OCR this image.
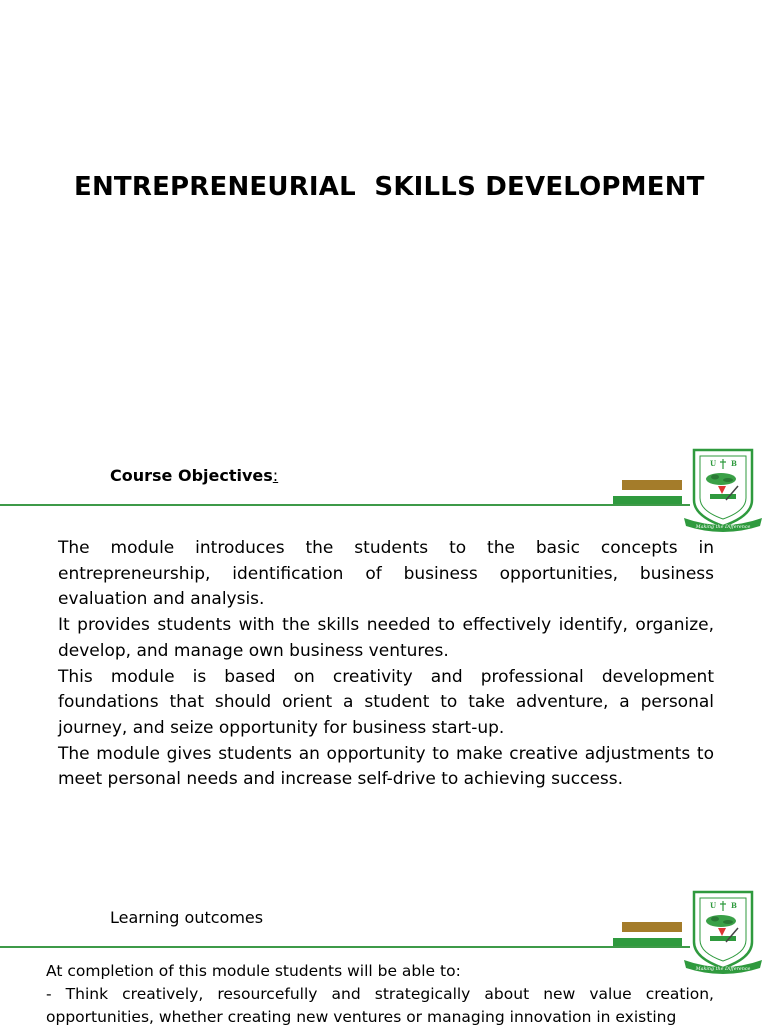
ENTREPRENEURIAL  SKILLS DEVELOPMENT
Course Objectives:
U B
Making the Difference

The module introduces the students to the basic concepts in entrepreneurship, identification of business opportunities, business evaluation and analysis.

It provides students with the skills needed to effectively identify, organize, develop, and manage own business ventures.

This module is based on creativity and professional development foundations that should orient a student to take adventure, a personal journey, and seize opportunity for business start-up.

The module gives students an opportunity to make creative adjustments to meet personal needs and increase self-drive to achieving success.

Learning outcomes
U B
Making the Difference

At completion of this module students will be able to:

- Think creatively, resourcefully and strategically about new value creation, opportunities, whether creating new ventures or managing innovation in existing
